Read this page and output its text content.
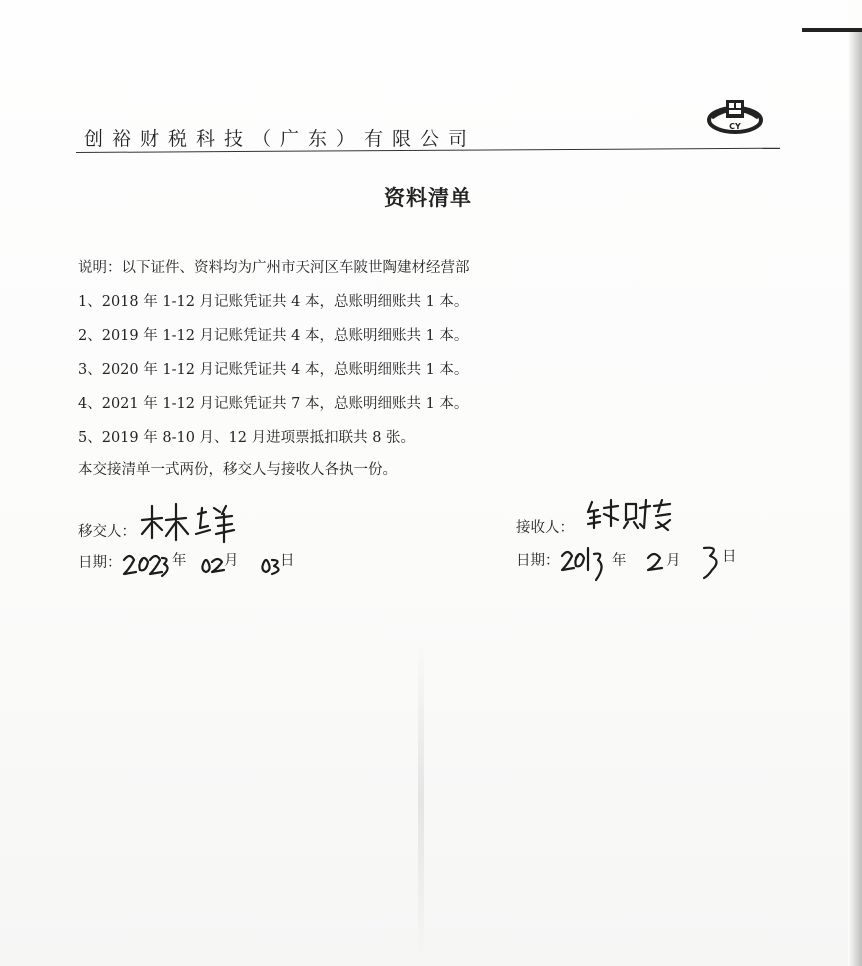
创裕财税科技（广东）有限公司
CY
资料清单
说明：以下证件、资料均为广州市天河区车陂世陶建材经营部
1、2018 年 1-12 月记账凭证共 4 本，总账明细账共 1 本。
2、2019 年 1-12 月记账凭证共 4 本，总账明细账共 1 本。
3、2020 年 1-12 月记账凭证共 4 本，总账明细账共 1 本。
4、2021 年 1-12 月记账凭证共 7 本，总账明细账共 1 本。
5、2019 年 8-10 月、12 月进项票抵扣联共 8 张。
本交接清单一式两份，移交人与接收人各执一份。
移交人：
日期：	年	月	日
接收人：
日期：	年	月	日
